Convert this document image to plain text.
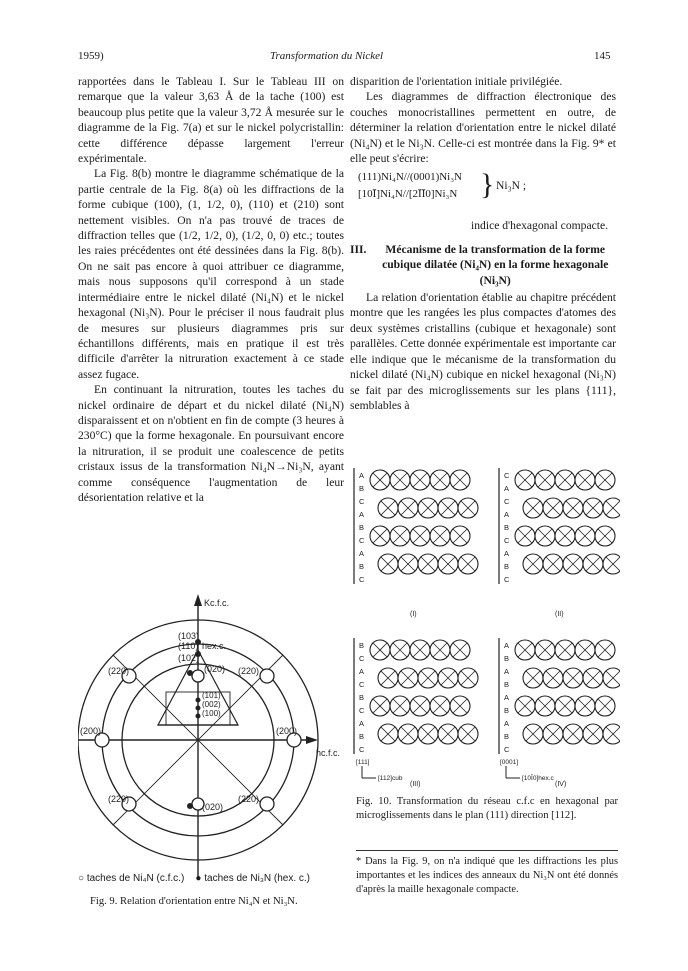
1959)	Transformation du Nickel	145

rapportées dans le Tableau I. Sur le Tableau III on remarque que la valeur 3,63 Å de la tache (100) est beaucoup plus petite que la valeur 3,72 Å mesurée sur le diagramme de la Fig. 7(a) et sur le nickel polycristallin: cette différence dépasse largement l'erreur expérimentale.

La Fig. 8(b) montre le diagramme schématique de la partie centrale de la Fig. 8(a) où les diffractions de la forme cubique (100), (1, 1/2, 0), (110) et (210) sont nettement visibles. On n'a pas trouvé de traces de diffraction telles que (1/2, 1/2, 0), (1/2, 0, 0) etc.; toutes les raies précédentes ont été dessinées dans la Fig. 8(b). On ne sait pas encore à quoi attribuer ce diagramme, mais nous supposons qu'il correspond à un stade intermédiaire entre le nickel dilaté (Ni₄N) et le nickel hexagonal (Ni₃N). Pour le préciser il nous faudrait plus de mesures sur plusieurs diagrammes pris sur échantillons différents, mais en pratique il est très difficile d'arrêter la nitruration exactement à ce stade assez fugace.

En continuant la nitruration, toutes les taches du nickel ordinaire de départ et du nickel dilaté (Ni₄N) disparaissent et on n'obtient en fin de compte (3 heures à 230°C) que la forme hexagonale. En poursuivant encore la nitruration, il se produit une coalescence de petits cristaux issus de la transformation Ni₄N→Ni₃N, ayant comme conséquence l'augmentation de leur désorientation relative et la

disparition de l'orientation initiale privilégiée.

Les diagrammes de diffraction électronique des couches monocristallines permettent en outre, de déterminer la relation d'orientation entre le nickel dilaté (Ni₄N) et le Ni₃N. Celle-ci est montrée dans la Fig. 9* et elle peut s'écrire:

(111)Ni₄N//(0001)Ni₃N
[10Ī]Ni₄N//[2ĪĪ0]Ni₃N } Ni₃N ;
indice d'hexagonal compacte.
III.	Mécanisme de la transformation de la forme cubique dilatée (Ni₄N) en la forme hexagonale (Ni₃N)

La relation d'orientation établie au chapitre précédent montre que les rangées les plus compactes d'atomes des deux systèmes cristallins (cubique et hexagonale) sont parallèles. Cette donnée expérimentale est importante car elle indique que le mécanisme de la transformation du nickel dilaté (Ni₄N) cubique en nickel hexagonal (Ni₃N) se fait par des microglissements sur les plans {111}, semblables à

Kc.f.c.
hc.f.c.
(103)
(110) hex.c.
(102)
(020)
(220)	(220)
(101)
(002)
(100)
(200)	(200)
(220)	(220)
(020)
○ taches de Ni₄N (c.f.c.) ● taches de Ni₃N (hex. c.)
Fig. 9. Relation d'orientation entre Ni₄N et Ni₃N.
A
B
C
A
B
C
A
B
C
(I)
C
A
C
A
B
C
A
B
C
(II)
B
C
A
C
B
C
A
B
C
(III)
A
B
A
B
A
B
A
B
C
(IV)
[111]
[112]cub
[0001]
[10Ī0]hex.c
Fig. 10. Transformation du réseau c.f.c en hexagonal par microglissements dans le plan (111) direction [112].
* Dans la Fig. 9, on n'a indiqué que les diffractions les plus importantes et les indices des anneaux du Ni₃N ont été donnés d'après la maille hexagonale compacte.
